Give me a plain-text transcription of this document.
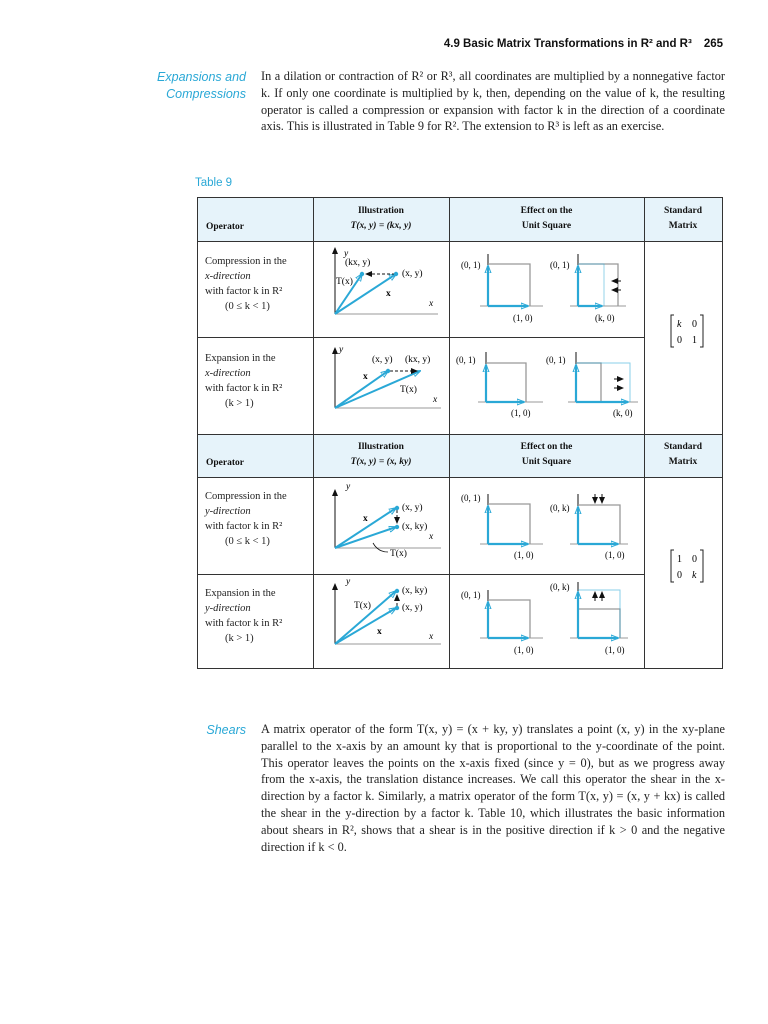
4.9 Basic Matrix Transformations in R² and R³ 265
Expansions and
Compressions
In a dilation or contraction of R² or R³, all coordinates are multiplied by a nonnegative factor k. If only one coordinate is multiplied by k, then, depending on the value of k, the resulting operator is called a compression or expansion with factor k in the direction of a coordinate axis. This is illustrated in Table 9 for R². The extension to R³ is left as an exercise.
Table 9
Operator
Illustration
T(x, y) = (kx, y)
Effect on the
Unit Square
Standard
Matrix
Operator
Illustration
T(x, y) = (x, ky)
Effect on the
Unit Square
Standard
Matrix
Compression in the
x-direction
with factor k in R²
(0 ≤ k < 1)
Expansion in the
x-direction
with factor k in R²
(k > 1)
Compression in the
y-direction
with factor k in R²
(0 ≤ k < 1)
Expansion in the
y-direction
with factor k in R²
(k > 1)
(kx, y)
(x, y)
T(x)
x
x
y
(0, 1)
(1, 0)
(0, 1)
(k, 0)
(x, y) (kx, y)
x
T(x)
x
y
(0, 1)
(1, 0)
(0, 1)
(k, 0)
(x, y)
(x, ky)
x
T(x)
x
y
(0, 1)
(1, 0)
(0, k)
(1, 0)
(x, ky)
(x, y)
T(x)
x	x
y
(0, 1)
(1, 0)
(0, k)
(1, 0)
k 0
0 1
1 0
0 k
Shears A matrix operator of the form T(x, y) = (x + ky, y) translates a point (x, y) in the xy-plane parallel to the x-axis by an amount ky that is proportional to the y-coordinate of the point. This operator leaves the points on the x-axis fixed (since y = 0), but as we progress away from the x-axis, the translation distance increases. We call this operator the shear in the x-direction by a factor k. Similarly, a matrix operator of the form T(x, y) = (x, y + kx) is called the shear in the y-direction by a factor k. Table 10, which illustrates the basic information about shears in R², shows that a shear is in the positive direction if k > 0 and the negative direction if k < 0.
